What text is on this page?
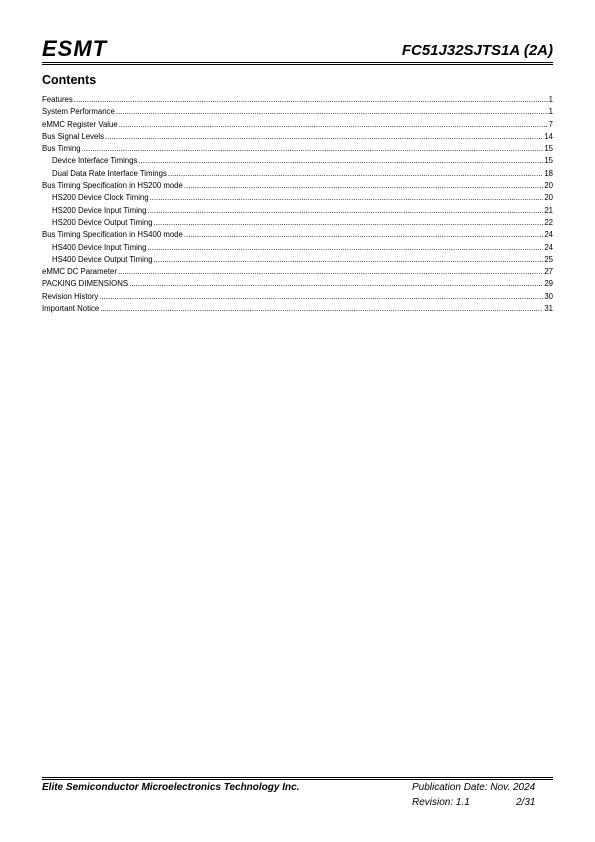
ESMT	FC51J32SJTS1A (2A)
Contents
Features .....	1
System Performance .....	1
eMMC Register Value .....	7
Bus Signal Levels .....	14
Bus Timing .....	15
Device Interface Timings .....	15
Dual Data Rate Interface Timings .....	18
Bus Timing Specification in HS200 mode .....	20
HS200 Device Clock Timing .....	20
HS200 Device Input Timing .....	21
HS200 Device Output Timing .....	22
Bus Timing Specification in HS400 mode .....	24
HS400 Device Input Timing .....	24
HS400 Device Output Timing .....	25
eMMC DC Parameter .....	27
PACKING DIMENSIONS .....	29
Revision History .....	30
Important Notice .....	31
Elite Semiconductor Microelectronics Technology Inc.	Publication Date: Nov. 2024
Revision: 1.1	2/31
